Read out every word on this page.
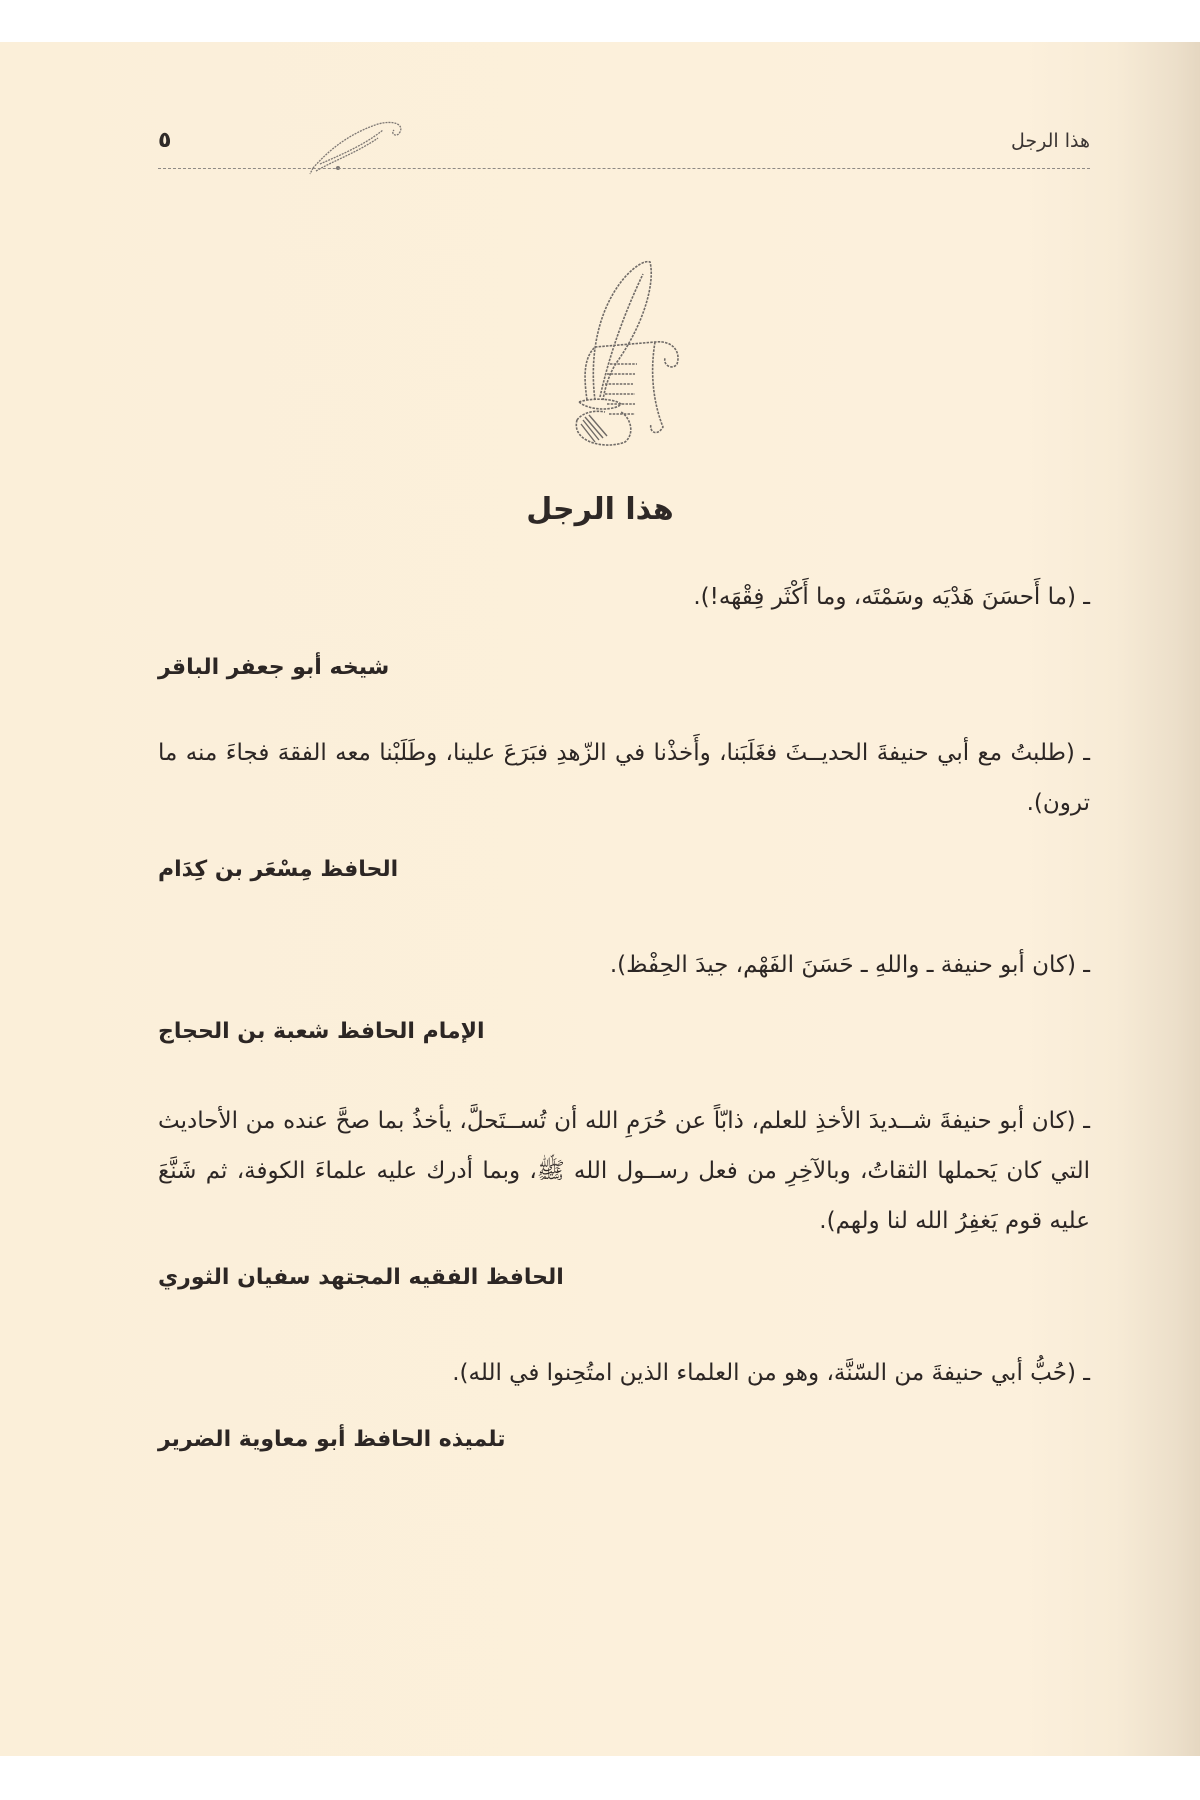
هذا الرجل
٥
هذا الرجل

ـ (ما أَحسَنَ هَدْيَه وسَمْتَه، وما أَكْثَر فِقْهَه!).

شيخه أبو جعفر الباقر

ـ (طلبتُ مع أبي حنيفةَ الحديــثَ فغَلَبَنا، وأَخذْنا في الزّهدِ فبَرَعَ علينا، وطَلَبْنا معه الفقهَ فجاءَ منه ما ترون).

الحافظ مِسْعَر بن كِدَام

ـ (كان أبو حنيفة ـ واللهِ ـ حَسَنَ الفَهْم، جيدَ الحِفْظ).

الإمام الحافظ شعبة بن الحجاج

ـ (كان أبو حنيفةَ شــديدَ الأخذِ للعلم، ذابّاً عن حُرَمِ الله أن تُســتَحلَّ، يأخذُ بما صحَّ عنده من الأحاديث التي كان يَحملها الثقاتُ، وبالآخِرِ من فعل رســول الله ﷺ، وبما أدرك عليه علماءَ الكوفة، ثم شَنَّعَ عليه قوم يَغفِرُ الله لنا ولهم).

الحافظ الفقيه المجتهد سفيان الثوري

ـ (حُبُّ أبي حنيفةَ من السّنَّة، وهو من العلماء الذين امتُحِنوا في الله).

تلميذه الحافظ أبو معاوية الضرير
